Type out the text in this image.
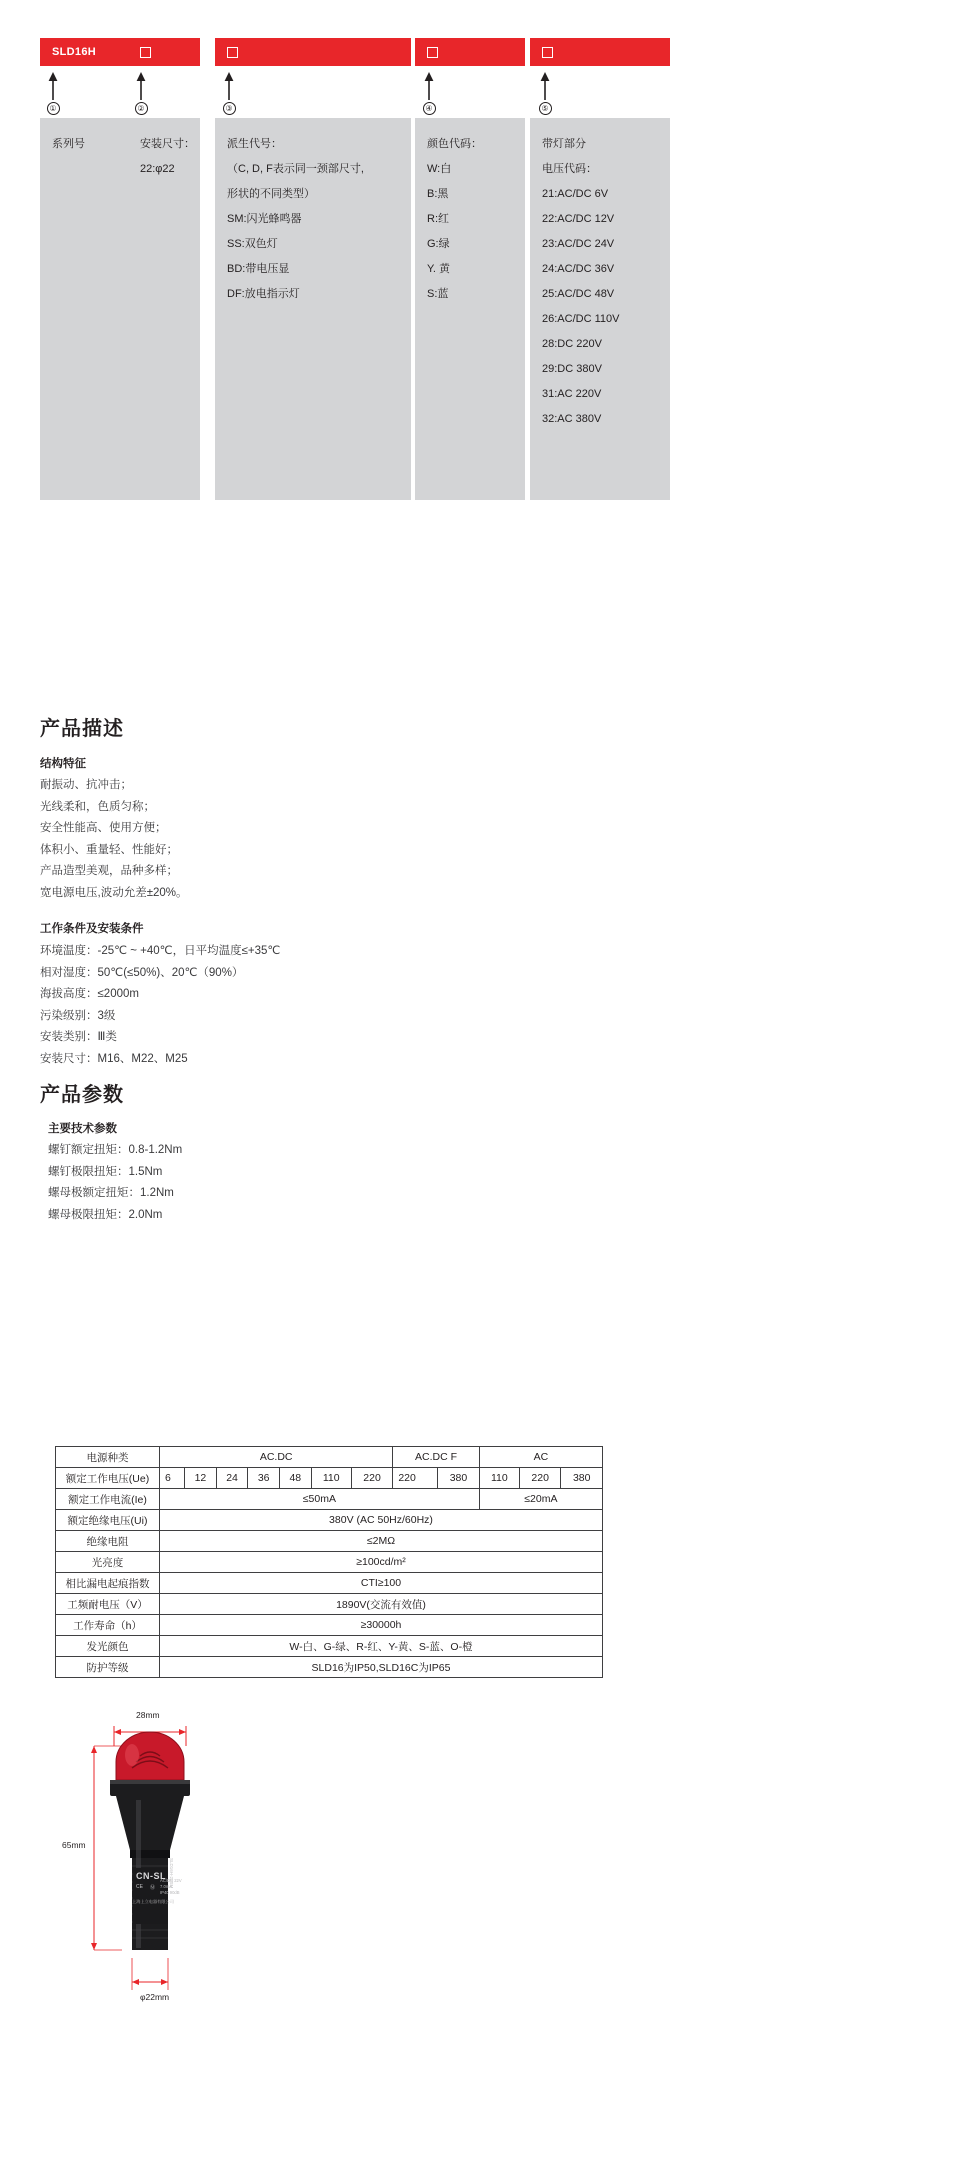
SLD16H
①	②	③	④	⑤
系列号	安装尺寸：
22:φ22
派生代号：
（C, D, F表示同一颈部尺寸,
形状的不同类型）
SM:闪光蜂鸣器
SS:双色灯
BD:带电压显
DF:放电指示灯
颜色代码：
W:白
B:黑
R:红
G:绿
Y. 黄
S:蓝
带灯部分
电压代码：
21:AC/DC 6V
22:AC/DC 12V
23:AC/DC 24V
24:AC/DC 36V
25:AC/DC 48V
26:AC/DC 110V
28:DC 220V
29:DC 380V
31:AC 220V
32:AC 380V
产品描述
结构特征
耐振动、抗冲击；
光线柔和，色质匀称；
安全性能高、使用方便；
体积小、重量轻、性能好；
产品造型美观，品种多样；
宽电源电压,波动允差±20%。
工作条件及安装条件
环境温度：-25℃ ~ +40℃，日平均温度≤+35℃
相对湿度：50℃(≤50%)、20℃（90%）
海拔高度：≤2000m
污染级别：3级
安装类别：Ⅲ类
安装尺寸：M16、M22、M25
产品参数
主要技术参数
螺钉额定扭矩：0.8-1.2Nm
螺钉极限扭矩：1.5Nm
螺母极额定扭矩：1.2Nm
螺母极限扭矩：2.0Nm
电源种类	AC.DC							AC.DC F		AC		
额定工作电压(Ue)	6	12	24	36	48	110	220	220	380	110	220	380
额定工作电流(Ie)	≤50mA									≤20mA		
额定绝缘电压(Ui)	380V (AC 50Hz/60Hz)											
绝缘电阻	≤2MΩ											
光亮度	≥100cd/m²											
相比漏电起痕指数	CTI≥100											
工频耐电压（V）	1890V(交流有效值)											
工作寿命（h）	≥30000h											
发光颜色	W-白、G-绿、R-红、Y-黄、S-蓝、O-橙											
防护等级	SLD16为IP50,SLD16C为IP65											
28mm
65mm
φ22mm
CN-SL SLD16H-22SM
CE Ⓜ
AC/DC 22V
7.0mA
IP40 90dB
上海上立电器有限公司
